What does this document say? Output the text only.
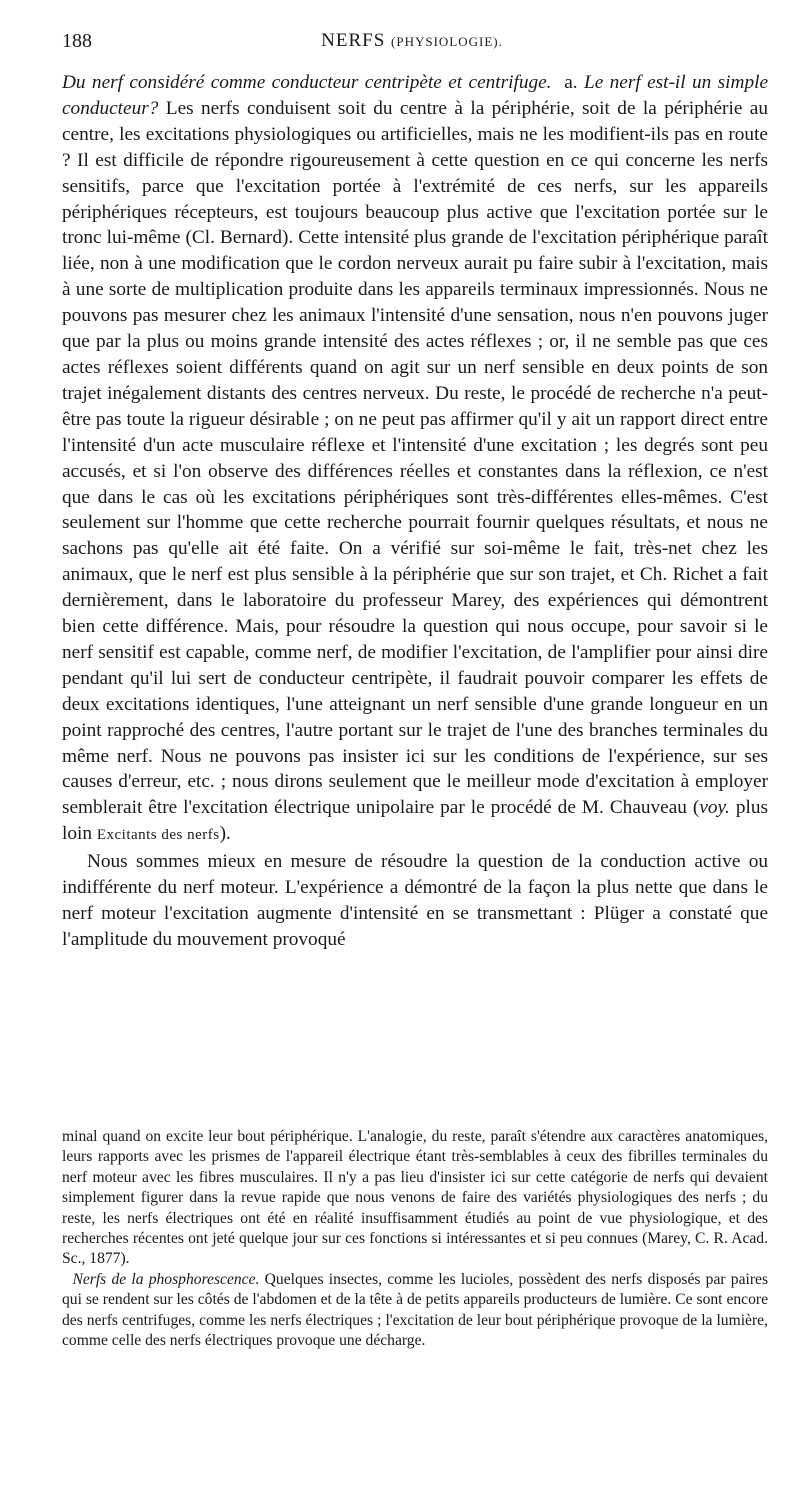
188	NERFS (PHYSIOLOGIE).

Du nerf considéré comme conducteur centripète et centrifuge. a. Le nerf est-il un simple conducteur? Les nerfs conduisent soit du centre à la périphérie, soit de la périphérie au centre, les excitations physiologiques ou artificielles, mais ne les modifient-ils pas en route ? Il est difficile de répondre rigoureusement à cette question en ce qui concerne les nerfs sensitifs, parce que l'excitation portée à l'extrémité de ces nerfs, sur les appareils périphériques récepteurs, est toujours beaucoup plus active que l'excitation portée sur le tronc lui-même (Cl. Bernard). Cette intensité plus grande de l'excitation périphérique paraît liée, non à une modification que le cordon nerveux aurait pu faire subir à l'excitation, mais à une sorte de multiplication produite dans les appareils terminaux impressionnés. Nous ne pouvons pas mesurer chez les animaux l'intensité d'une sensation, nous n'en pouvons juger que par la plus ou moins grande intensité des actes réflexes ; or, il ne semble pas que ces actes réflexes soient différents quand on agit sur un nerf sensible en deux points de son trajet inégalement distants des centres nerveux. Du reste, le procédé de recherche n'a peut-être pas toute la rigueur désirable ; on ne peut pas affirmer qu'il y ait un rapport direct entre l'intensité d'un acte musculaire réflexe et l'intensité d'une excitation ; les degrés sont peu accusés, et si l'on observe des différences réelles et constantes dans la réflexion, ce n'est que dans le cas où les excitations périphériques sont très-différentes elles-mêmes. C'est seulement sur l'homme que cette recherche pourrait fournir quelques résultats, et nous ne sachons pas qu'elle ait été faite. On a vérifié sur soi-même le fait, très-net chez les animaux, que le nerf est plus sensible à la périphérie que sur son trajet, et Ch. Richet a fait dernièrement, dans le laboratoire du professeur Marey, des expériences qui démontrent bien cette différence. Mais, pour résoudre la question qui nous occupe, pour savoir si le nerf sensitif est capable, comme nerf, de modifier l'excitation, de l'amplifier pour ainsi dire pendant qu'il lui sert de conducteur centripète, il faudrait pouvoir comparer les effets de deux excitations identiques, l'une atteignant un nerf sensible d'une grande longueur en un point rapproché des centres, l'autre portant sur le trajet de l'une des branches terminales du même nerf. Nous ne pouvons pas insister ici sur les conditions de l'expérience, sur ses causes d'erreur, etc. ; nous dirons seulement que le meilleur mode d'excitation à employer semblerait être l'excitation électrique unipolaire par le procédé de M. Chauveau (voy. plus loin Excitants des nerfs).

Nous sommes mieux en mesure de résoudre la question de la conduction active ou indifférente du nerf moteur. L'expérience a démontré de la façon la plus nette que dans le nerf moteur l'excitation augmente d'intensité en se transmettant : Plüger a constaté que l'amplitude du mouvement provoqué

minal quand on excite leur bout périphérique. L'analogie, du reste, paraît s'étendre aux caractères anatomiques, leurs rapports avec les prismes de l'appareil électrique étant très-semblables à ceux des fibrilles terminales du nerf moteur avec les fibres musculaires. Il n'y a pas lieu d'insister ici sur cette catégorie de nerfs qui devaient simplement figurer dans la revue rapide que nous venons de faire des variétés physiologiques des nerfs ; du reste, les nerfs électriques ont été en réalité insuffisamment étudiés au point de vue physiologique, et des recherches récentes ont jeté quelque jour sur ces fonctions si intéressantes et si peu connues (Marey, C. R. Acad. Sc., 1877).

Nerfs de la phosphorescence. Quelques insectes, comme les lucioles, possèdent des nerfs disposés par paires qui se rendent sur les côtés de l'abdomen et de la tête à de petits appareils producteurs de lumière. Ce sont encore des nerfs centrifuges, comme les nerfs électriques ; l'excitation de leur bout périphérique provoque de la lumière, comme celle des nerfs électriques provoque une décharge.
